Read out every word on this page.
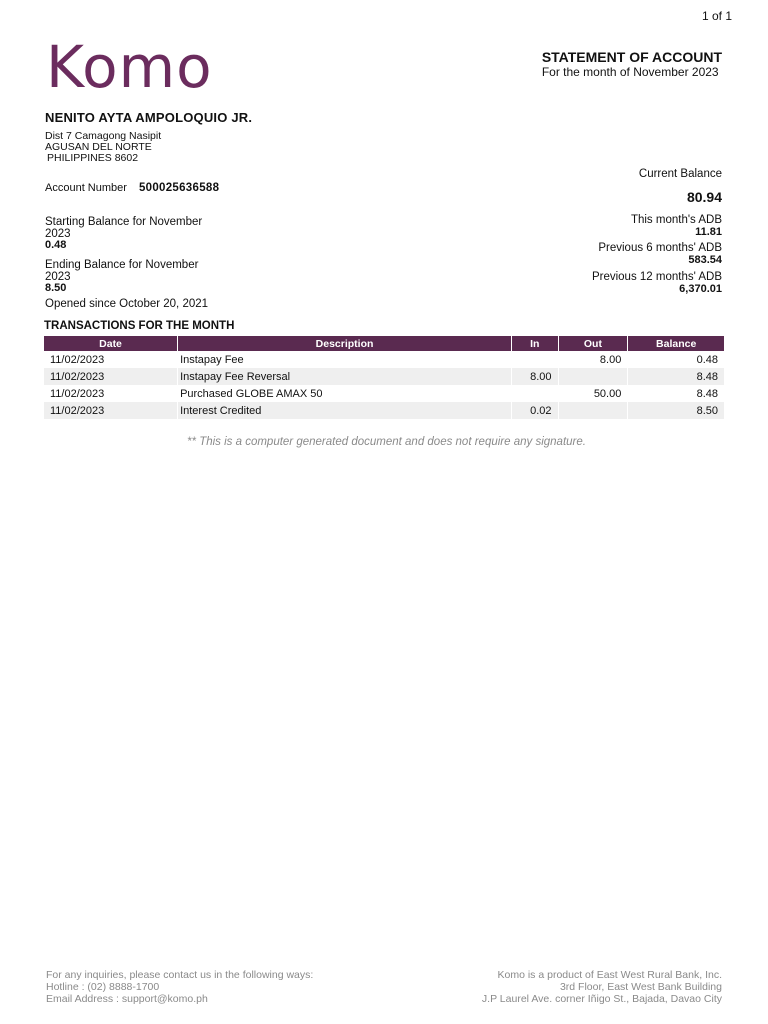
1 of 1
Komo	STATEMENT OF ACCOUNT
For the month of November 2023
NENITO AYTA AMPOLOQUIO JR.
Dist 7 Camagong Nasipit
AGUSAN DEL NORTE
PHILIPPINES 8602
Account Number 500025636588
Starting Balance for November 2023
0.48
Ending Balance for November 2023
8.50
Opened since October 20, 2021
Current Balance
80.94
This month's ADB
11.81
Previous 6 months' ADB
583.54
Previous 12 months' ADB
6,370.01
TRANSACTIONS FOR THE MONTH
Date	Description	In	Out	Balance
11/02/2023	Instapay Fee		8.00	0.48
11/02/2023	Instapay Fee Reversal	8.00		8.48
11/02/2023	Purchased GLOBE AMAX 50		50.00	8.48
11/02/2023	Interest Credited	0.02		8.50
** This is a computer generated document and does not require any signature.
For any inquiries, please contact us in the following ways:
Hotline : (02) 8888-1700
Email Address : support@komo.ph
Komo is a product of East West Rural Bank, Inc.
3rd Floor, East West Bank Building
J.P Laurel Ave. corner Iñigo St., Bajada, Davao City
